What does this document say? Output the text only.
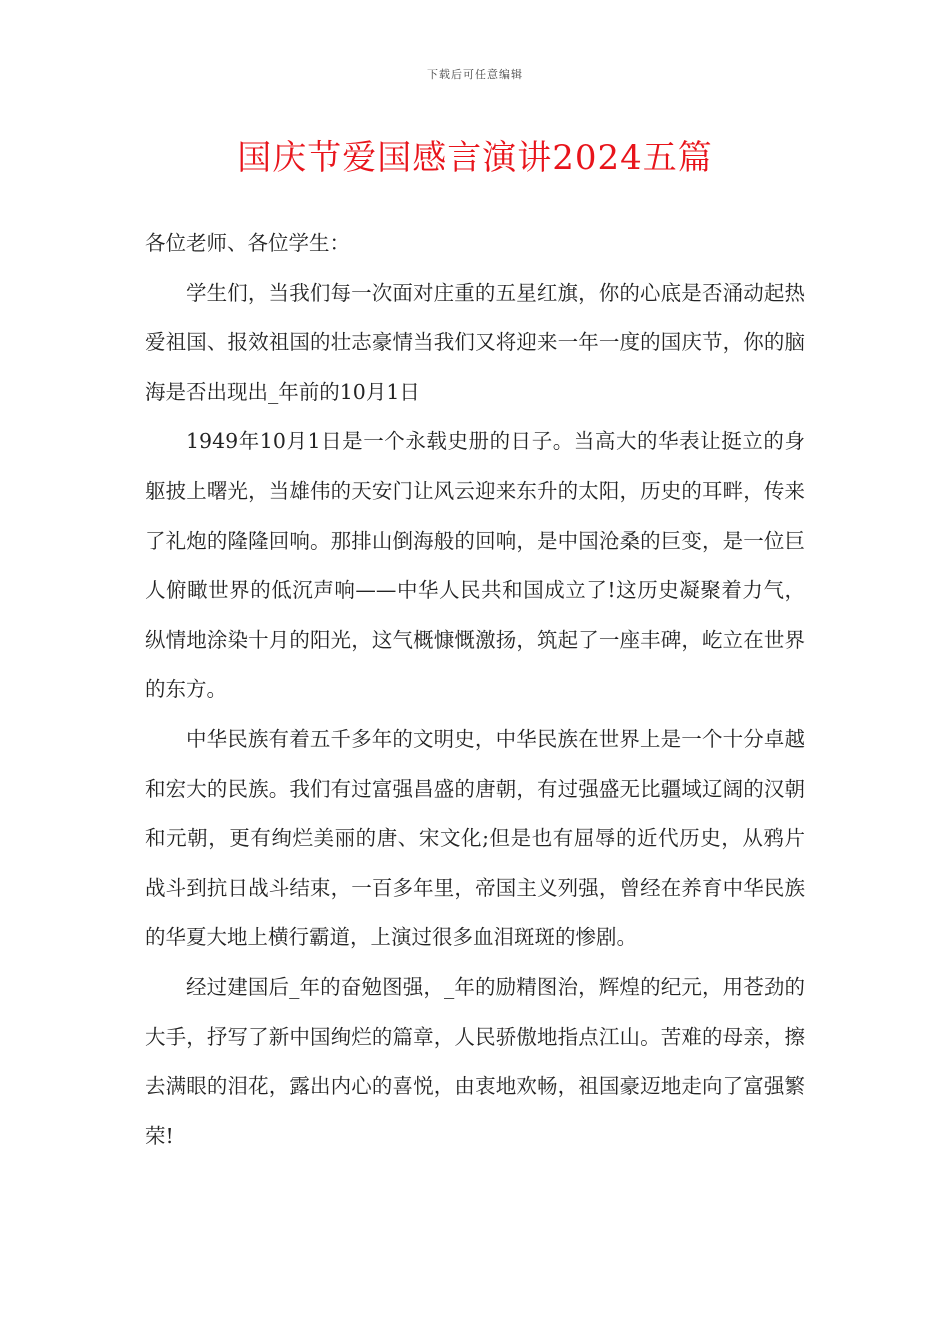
下载后可任意编辑
国庆节爱国感言演讲2024五篇

各位老师、各位学生：

学生们，当我们每一次面对庄重的五星红旗，你的心底是否涌动起热爱祖国、报效祖国的壮志豪情当我们又将迎来一年一度的国庆节，你的脑海是否出现出_年前的10月1日

1949年10月1日是一个永载史册的日子。当高大的华表让挺立的身躯披上曙光，当雄伟的天安门让风云迎来东升的太阳，历史的耳畔，传来了礼炮的隆隆回响。那排山倒海般的回响，是中国沧桑的巨变，是一位巨人俯瞰世界的低沉声响——中华人民共和国成立了!这历史凝聚着力气，纵情地涂染十月的阳光，这气概慷慨激扬，筑起了一座丰碑，屹立在世界的东方。

中华民族有着五千多年的文明史，中华民族在世界上是一个十分卓越和宏大的民族。我们有过富强昌盛的唐朝，有过强盛无比疆域辽阔的汉朝和元朝，更有绚烂美丽的唐、宋文化;但是也有屈辱的近代历史，从鸦片战斗到抗日战斗结束，一百多年里，帝国主义列强，曾经在养育中华民族的华夏大地上横行霸道，上演过很多血泪斑斑的惨剧。

经过建国后_年的奋勉图强，_年的励精图治，辉煌的纪元，用苍劲的大手，抒写了新中国绚烂的篇章，人民骄傲地指点江山。苦难的母亲，擦去满眼的泪花，露出内心的喜悦，由衷地欢畅，祖国豪迈地走向了富强繁荣!
